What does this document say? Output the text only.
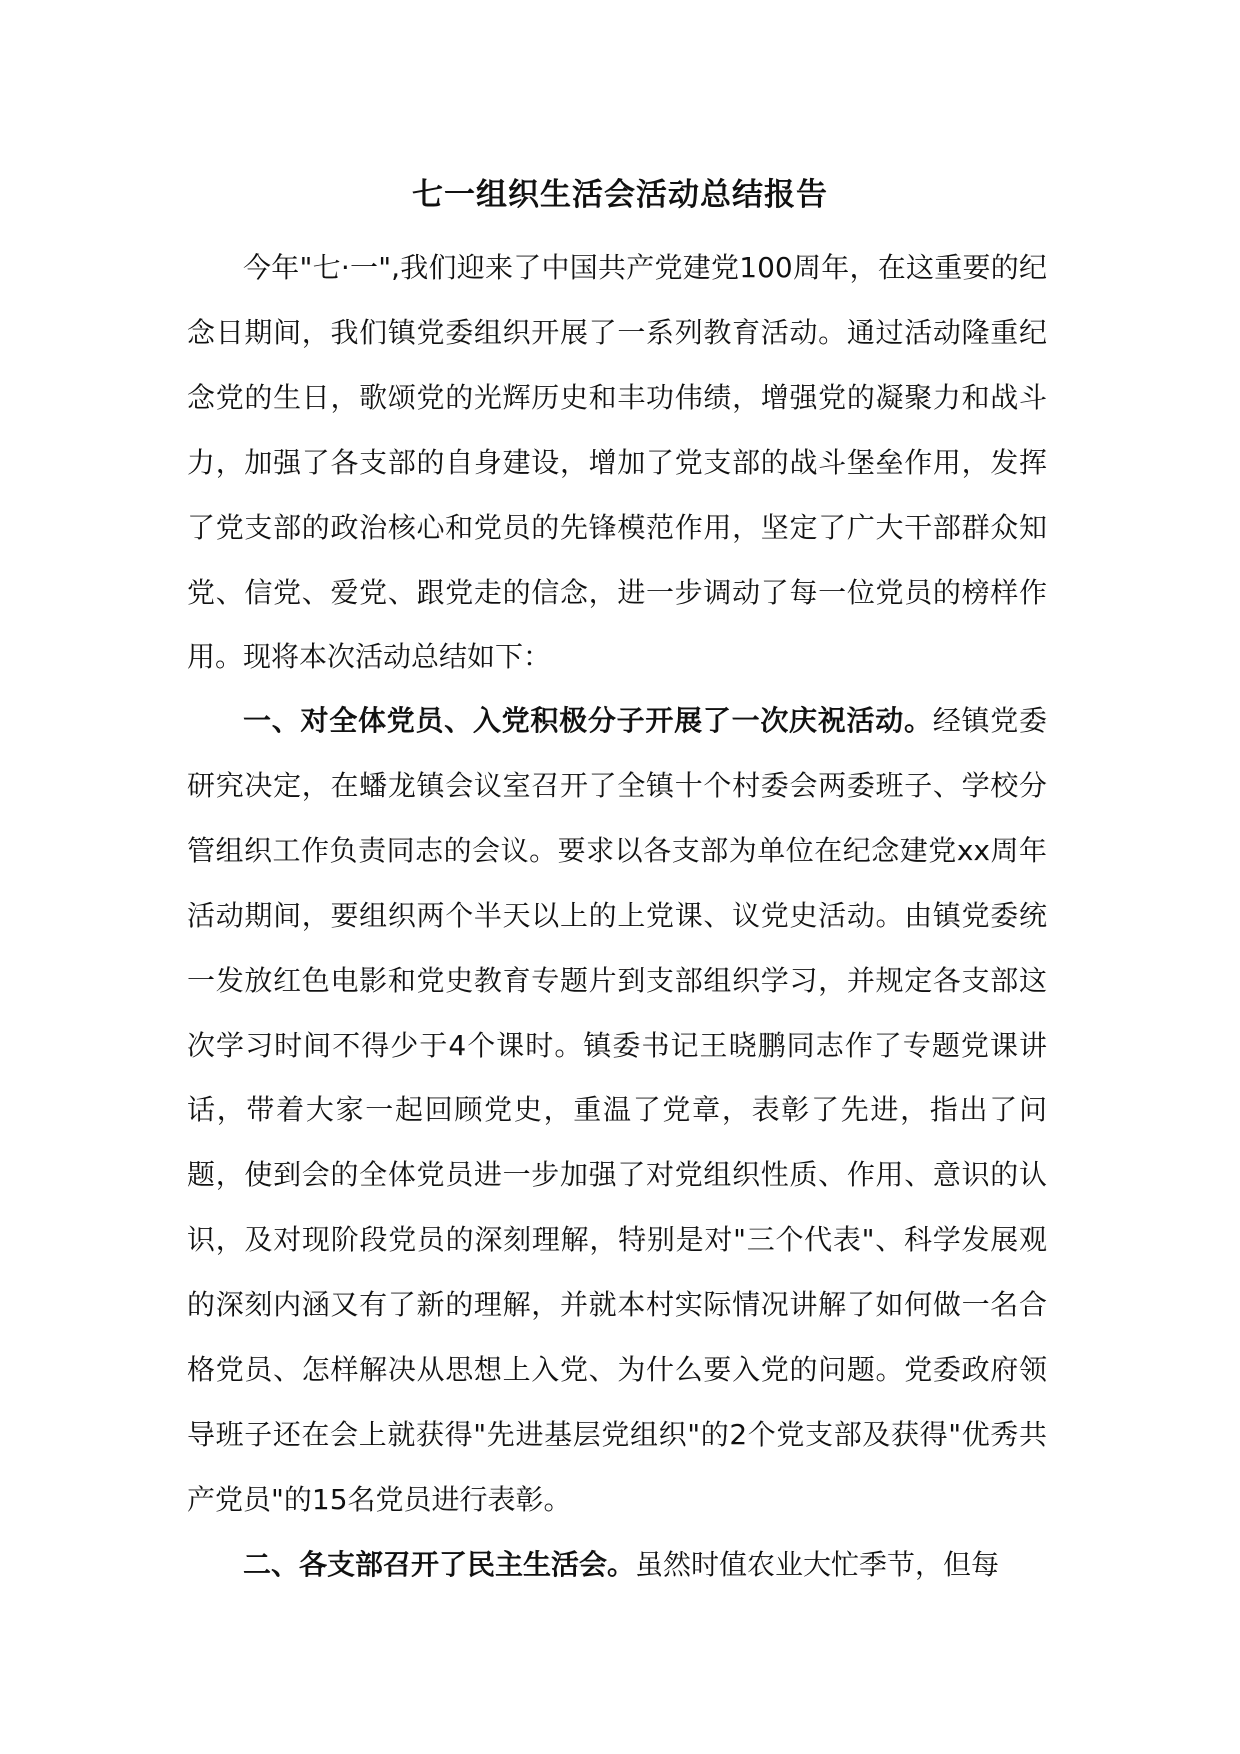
七一组织生活会活动总结报告

今年"七·一",我们迎来了中国共产党建党100周年，在这重要的纪念日期间，我们镇党委组织开展了一系列教育活动。通过活动隆重纪念党的生日，歌颂党的光辉历史和丰功伟绩，增强党的凝聚力和战斗力，加强了各支部的自身建设，增加了党支部的战斗堡垒作用，发挥了党支部的政治核心和党员的先锋模范作用，坚定了广大干部群众知党、信党、爱党、跟党走的信念，进一步调动了每一位党员的榜样作用。现将本次活动总结如下：

一、对全体党员、入党积极分子开展了一次庆祝活动。经镇党委研究决定，在蟠龙镇会议室召开了全镇十个村委会两委班子、学校分管组织工作负责同志的会议。要求以各支部为单位在纪念建党xx周年活动期间，要组织两个半天以上的上党课、议党史活动。由镇党委统一发放红色电影和党史教育专题片到支部组织学习，并规定各支部这次学习时间不得少于4个课时。镇委书记王晓鹏同志作了专题党课讲话，带着大家一起回顾党史，重温了党章，表彰了先进，指出了问题，使到会的全体党员进一步加强了对党组织性质、作用、意识的认识，及对现阶段党员的深刻理解，特别是对"三个代表"、科学发展观的深刻内涵又有了新的理解，并就本村实际情况讲解了如何做一名合格党员、怎样解决从思想上入党、为什么要入党的问题。党委政府领导班子还在会上就获得"先进基层党组织"的2个党支部及获得"优秀共产党员"的15名党员进行表彰。

二、各支部召开了民主生活会。虽然时值农业大忙季节，但每
